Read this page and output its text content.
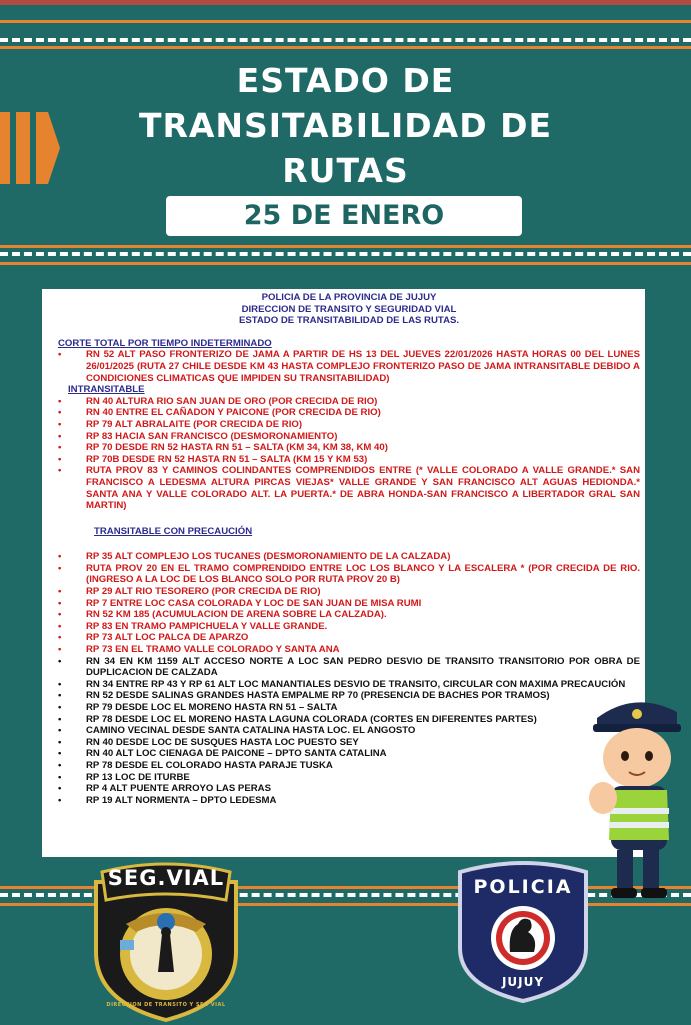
ESTADO DE
TRANSITABILIDAD DE
RUTAS
25 DE ENERO
POLICIA DE LA PROVINCIA DE JUJUY
DIRECCION DE TRANSITO Y SEGURIDAD VIAL
ESTADO DE TRANSITABILIDAD DE LAS RUTAS.
CORTE TOTAL POR TIEMPO INDETERMINADO
• RN 52 ALT PASO FRONTERIZO DE JAMA A PARTIR DE HS 13 DEL JUEVES 22/01/2026 HASTA HORAS 00 DEL LUNES 26/01/2025 (RUTA 27 CHILE DESDE KM 43 HASTA COMPLEJO FRONTERIZO PASO DE JAMA INTRANSITABLE DEBIDO A CONDICIONES CLIMATICAS QUE IMPIDEN SU TRANSITABILIDAD)
INTRANSITABLE
• RN 40 ALTURA RIO SAN JUAN DE ORO (POR CRECIDA DE RIO)
• RN 40 ENTRE EL CAÑADON Y PAICONE (POR CRECIDA DE RIO)
• RP 79 ALT ABRALAITE (POR CRECIDA DE RIO)
• RP 83 HACIA SAN FRANCISCO (DESMORONAMIENTO)
• RP 70 DESDE RN 52 HASTA RN 51 – SALTA (KM 34, KM 38, KM 40)
• RP 70B DESDE RN 52 HASTA RN 51 – SALTA (KM 15 Y KM 53)
• RUTA PROV 83 Y CAMINOS COLINDANTES COMPRENDIDOS ENTRE (* VALLE COLORADO A VALLE GRANDE.* SAN FRANCISCO A LEDESMA ALTURA PIRCAS VIEJAS* VALLE GRANDE Y SAN FRANCISCO ALT AGUAS HEDIONDA.* SANTA ANA Y VALLE COLORADO ALT. LA PUERTA.* DE ABRA HONDA-SAN FRANCISCO A LIBERTADOR GRAL SAN MARTIN)
TRANSITABLE CON PRECAUCIÓN
• RP 35 ALT COMPLEJO LOS TUCANES (DESMORONAMIENTO DE LA CALZADA)
• RUTA PROV 20 EN EL TRAMO COMPRENDIDO ENTRE LOC LOS BLANCO Y LA ESCALERA * (POR CRECIDA DE RIO. (INGRESO A LA LOC DE LOS BLANCO SOLO POR RUTA PROV 20 B)
• RP 29 ALT RIO TESORERO (POR CRECIDA DE RIO)
• RP 7 ENTRE LOC CASA COLORADA Y LOC DE SAN JUAN DE MISA RUMI
• RN 52 KM 185 (ACUMULACION DE ARENA SOBRE LA CALZADA).
• RP 83 EN TRAMO PAMPICHUELA Y VALLE GRANDE.
• RP 73 ALT LOC PALCA DE APARZO
• RP 73 EN EL TRAMO VALLE COLORADO Y SANTA ANA
• RN 34 EN KM 1159 ALT ACCESO NORTE A LOC SAN PEDRO DESVIO DE TRANSITO TRANSITORIO POR OBRA DE DUPLICACION DE CALZADA
• RN 34 ENTRE RP 43 Y RP 61 ALT LOC MANANTIALES DESVIO DE TRANSITO, CIRCULAR CON MAXIMA PRECAUCIÓN
• RN 52 DESDE SALINAS GRANDES HASTA EMPALME RP 70 (PRESENCIA DE BACHES POR TRAMOS)
• RP 79 DESDE LOC EL MORENO HASTA RN 51 – SALTA
• RP 78 DESDE LOC EL MORENO HASTA LAGUNA COLORADA (CORTES EN DIFERENTES PARTES)
• CAMINO VECINAL DESDE SANTA CATALINA HASTA LOC. EL ANGOSTO
• RN 40 DESDE LOC DE SUSQUES HASTA LOC PUESTO SEY
• RN 40 ALT LOC CIENAGA DE PAICONE – DPTO SANTA CATALINA
• RP 78 DESDE EL COLORADO HASTA PARAJE TUSKA
• RP 13 LOC DE ITURBE
• RP 4 ALT PUENTE ARROYO LAS PERAS
• RP 19 ALT NORMENTA – DPTO LEDESMA
SEG.VIAL
DIRECCION DE TRANSITO Y SEG VIAL
POLICIA
JUJUY
